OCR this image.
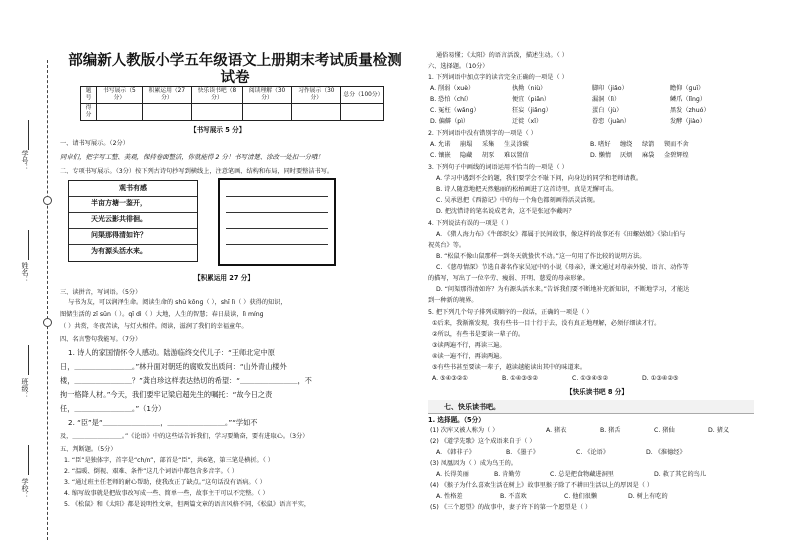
学号：
姓名：
班级：
学校：
部编新人教版小学五年级语文上册期末考试质量检测
试卷
题号	书写展示（5分）	积累运用（27分）	快乐读书吧（8分）	阅读理解（30分）	习作展示（30分）	总分（100分）
得分						
【书写展示 5 分】
一、请书写展示。（2分）
同卓们，把字写工整、美观，保持卷面整洁，你就能得 2 分！书写清楚、涂改一处扣一分哦！
二、专项书写展示。（3分）按下列古诗句抄写到横线上，注意笔画、结构和布局，同时要整洁书写。
观书有感
半亩方塘一鉴开，
天光云影共徘徊。
问渠那得清如许？
为有源头活水来。
【积累运用 27 分】
三、读拼音，写词语。（5分）
与书为友，可以润泽生命。阅读生命的 shū kōnɡ（ ），shī lì（ ）获得的知识，
图储生活的 zī sūn（ ）。qī dì（ ）大地，人生的智慧；春日晨读，lì mínɡ
（ ）共赏，冬夜苦读，与灯火相伴。阅读，滋润了我们的幸福童年。
四、名言警句我能写。（7分）
1. 诗人的家国情怀令人感动。陆游临终交代儿子：“王师北定中原
日，＿＿＿＿＿＿＿＿。”林升面对朝廷的腐败发出质问：“山外青山楼外
楼，＿＿＿＿＿＿＿＿？”龚自珍这样表达热切的希望：“＿＿＿＿＿＿＿＿，不
拘一格降人材。”今天，我们要牢记梁启超先生的嘱托：“故今日之责
任，＿＿＿＿＿＿＿＿。”（1分）
2. “臣”是“＿＿＿＿＿＿＿＿，＿＿＿＿＿＿＿＿。”“学如不
及，＿＿＿＿＿＿＿＿。”《论语》中的这些话告诉我们，学习要勤奋，要有进取心。（3分）
五、判断题。（5分）
1. “臣”是独体字，首字是“ch/n”，部首是“臣”，共6笔，第三笔是横折。（ ）
2. “温暖、倒视、艰难、条件”这几个词语中都包含多音字。（ ）
3. “通过班主任老师的耐心帮助，使我改正了缺点。”这句话没有语病。（ ）
4. 缩写故事就是把故事改写成一些、简单一些，故事主干可以不完整。（ ）
5. 《松鼠》和《太阳》都是说明性文章，但两篇文章的语言风格不同，《松鼠》语言平实，
通俗易懂；《太阳》的语言活泼，描述生动。（ ）
六、选择题。（10分）
1. 下列词语中加点字的读音完全正确的一项是（ ）
A. 削弱（xuè）	执拗（niù）	脚印（jiǎo）	瞻仰（ɡuī）
B. 恐怕（chí）	便宜（piān）	漏洞（lì）	鳞爪（lǐnɡ）
C. 冤枉（wǎnɡ）	狂妄（jiǎnɡ）	蛋白（jù）	黑发（zhuó）
D. 偏僻（pì）	迁徙（xǐ）	眷恋（juàn）	发酵（jiào）
2. 下列词语中没有错别字的一项是（ ）
A. 允诺 崩塌 采集 生灵涂碳	B. 嗜好 缠绕 绿箭 锲而不舍
C. 镶嵌 隐藏 胡豕 难以置信	D. 懒惰 厌烦 麻袋 金碧辉煌
3. 下列句子中画线的词语运用不恰当的一项是（ ）
A. 学习中遇到不会的题，我们要学会不耻下问，向身边的同学和老师请教。
B. 诗人随意地把天然魅丽的松柏画进了这首诗里，真是无懈可击。
C. 吴承恩把《西游记》中的每一个角色都刻画得活灵活现。
D. 把沈惜诗的笔名说成老舍，这不是张冠李戴吗？
4. 下列说法有误的一项是（ ）
A. 《猎人海力布》《牛郎织女》都属于民间故事，像这样的故事还有《田螺姑娘》《梁山伯与
祝英台》等。
B. “松鼠不像山鼠那样一到冬天就蛰伏不动。”这一句用了作比较的说明方法。
C. 《慈母情深》节选自著名作家吴冠中的小说《母亲》，课文通过对母亲外貌、语言、动作等
的描写，写出了一位辛劳、瘦弱、开明、慈爱的母亲形象。
D. “问渠那得清如许？为有源头活水来。”告诉我们要不断地补充新知识，不断地学习，才能达
到一种新的境界。
5. 把下列几个句子排列成顺序的一段话，正确的一项是（ ）
①后来，我渐渐发现，我有些书一目十行于去，没有真正地理解，必须仔细读才行。
②所以，有些书是要读一辈子的。
③读两遍不行，再读三遍。
④读一遍不行，再读两遍。
⑤有些书甚至要读一辈子，越读越能读出其中的味道来。
A. ⑤④③②①	B. ①④③⑤②	C. ①③④⑤②	D. ①③④②⑤
【快乐读书吧 8 分】
七、快乐读书吧。
1. 选择题。（5分）
(1) 次库又被人称为（ ）	A. 猪衣	B. 猪舌	C. 猪仙	D. 猪义
(2) 《道学先歌》这个成语来自于（ ）
A. 《韩非子》	B. 《墨子》	C. 《论语》	D. 《淮德经》
(3) 凤凰因为（ ）成为鸟王的。
A. 长得美丽	B. 肯勤劳	C. 总是把食物藏进洞里	D. 救了其它的鸟儿
(4) 《猴子为什么喜欢生活在树上》故事里猴子除了不耕田生活以上的厚因是（ ）
A. 性格差	B. 不喜欢	C. 他们很懒	D. 树上有吃的
(5) 《三个愿望》的故事中，妻子许下的第一个愿望是（ ）
